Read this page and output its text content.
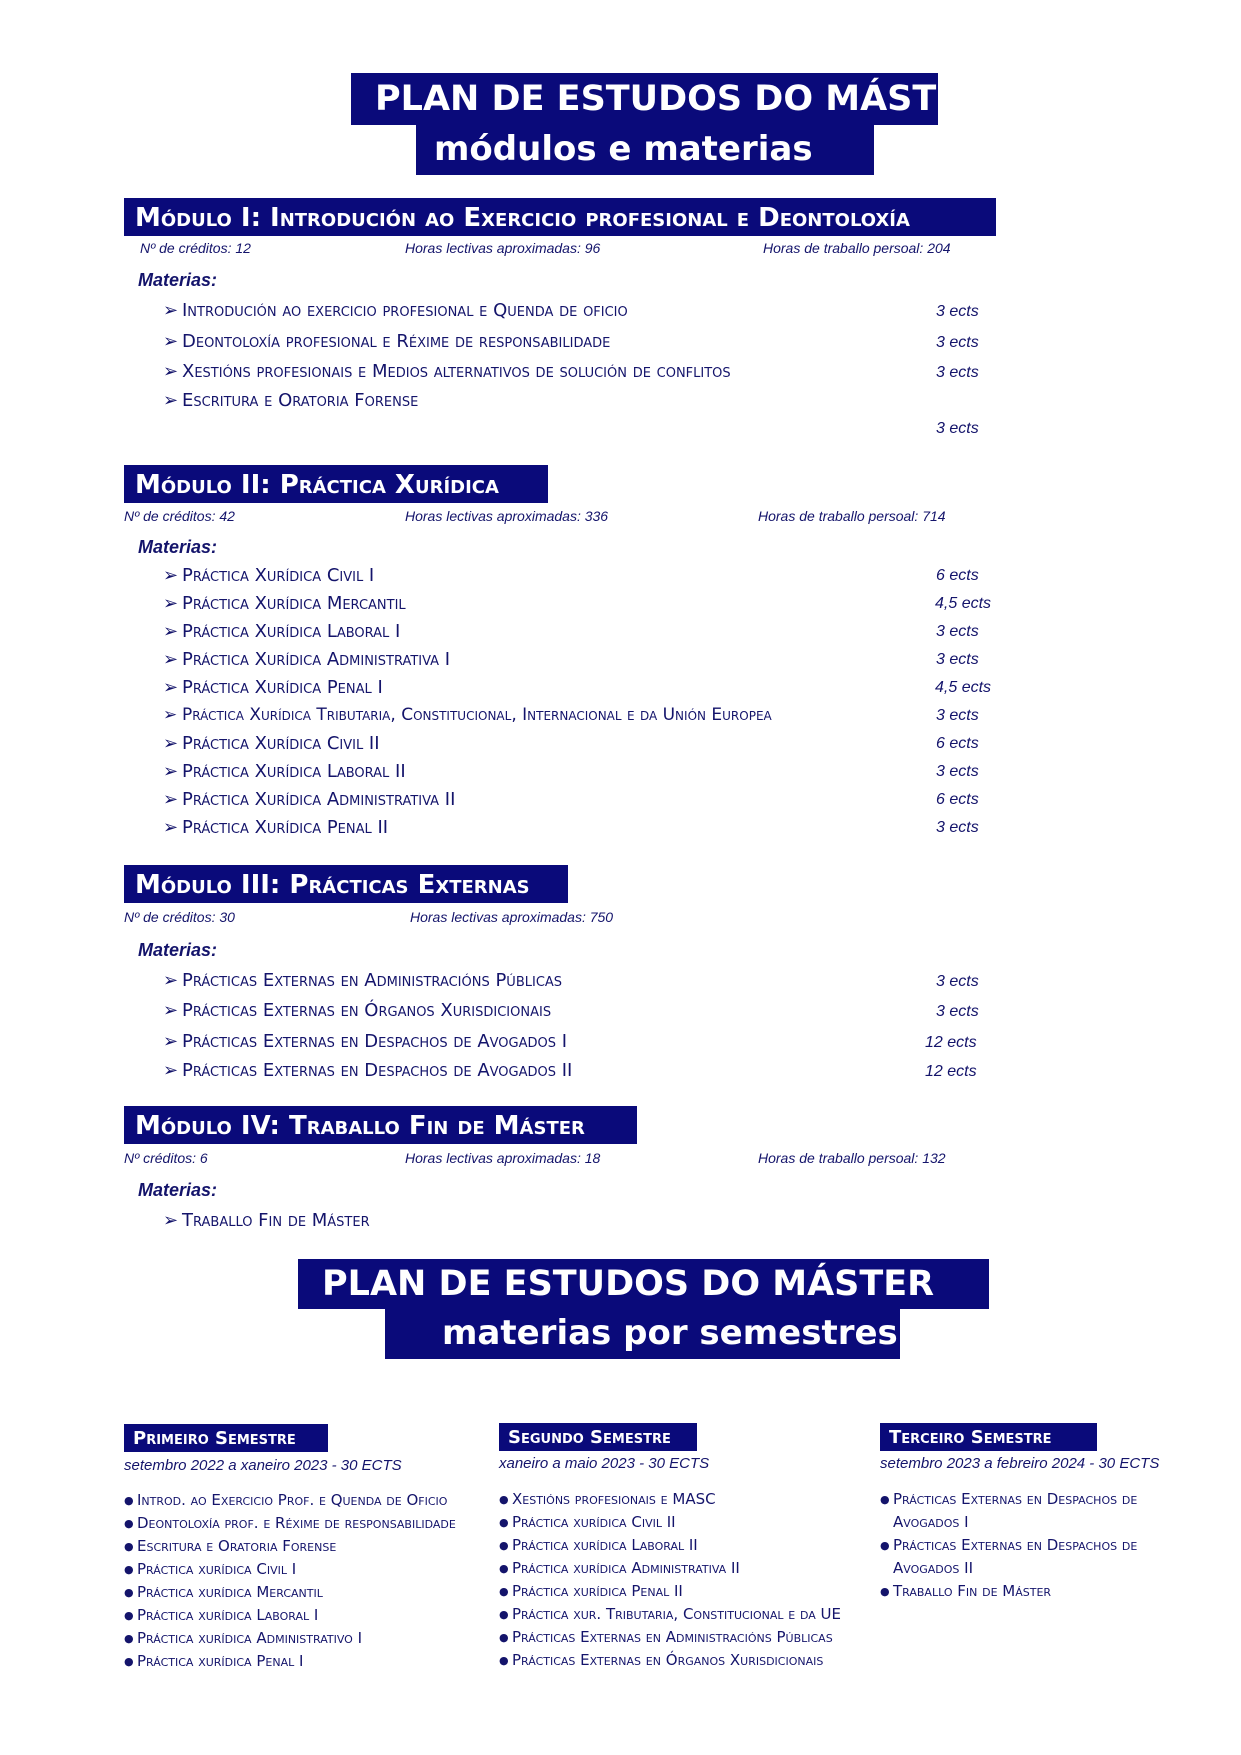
PLAN DE ESTUDOS DO MÁSTER
módulos e materias
Módulo I: Introdución ao Exercicio profesional e Deontoloxía
Nº de créditos: 12	Horas lectivas aproximadas: 96	Horas de traballo persoal: 204
Materias:
➢ Introdución ao exercicio profesional e Quenda de oficio	3 ects
➢ Deontoloxía profesional e Réxime de responsabilidade	3 ects
➢ Xestións profesionais e Medios alternativos de solución de conflitos	3 ects
➢ Escritura e Oratoria Forense
3 ects
Módulo II: Práctica Xurídica
Nº de créditos: 42	Horas lectivas aproximadas: 336	Horas de traballo persoal: 714
Materias:
➢ Práctica Xurídica Civil I	6 ects
➢ Práctica Xurídica Mercantil	4,5 ects
➢ Práctica Xurídica Laboral I	3 ects
➢ Práctica Xurídica Administrativa I	3 ects
➢ Práctica Xurídica Penal I	4,5 ects
➢ Práctica Xurídica Tributaria, Constitucional, Internacional e da Unión Europea	3 ects
➢ Práctica Xurídica Civil II	6 ects
➢ Práctica Xurídica Laboral II	3 ects
➢ Práctica Xurídica Administrativa II	6 ects
➢ Práctica Xurídica Penal II	3 ects
Módulo III: Prácticas Externas
Nº de créditos: 30	Horas lectivas aproximadas: 750
Materias:
➢ Prácticas Externas en Administracións Públicas	3 ects
➢ Prácticas Externas en Órganos Xurisdicionais	3 ects
➢ Prácticas Externas en Despachos de Avogados I	12 ects
➢ Prácticas Externas en Despachos de Avogados II	12 ects
Módulo IV: Traballo Fin de Máster
Nº créditos: 6	Horas lectivas aproximadas: 18	Horas de traballo persoal: 132
Materias:
➢ Traballo Fin de Máster
PLAN DE ESTUDOS DO MÁSTER
materias por semestres
Primeiro Semestre
setembro 2022 a xaneiro 2023 - 30 ECTS
● Introd. ao Exercicio Prof. e Quenda de Oficio
● Deontoloxía prof. e Réxime de responsabilidade
● Escritura e Oratoria Forense
● Práctica xurídica Civil I
● Práctica xurídica Mercantil
● Práctica xurídica Laboral I
● Práctica xurídica Administrativo I
● Práctica xurídica Penal I
Segundo Semestre
xaneiro a maio 2023 - 30 ECTS
● Xestións profesionais e MASC
● Práctica xurídica Civil II
● Práctica xurídica Laboral II
● Práctica xurídica Administrativa II
● Práctica xurídica Penal II
● Práctica xur. Tributaria, Constitucional e da UE
● Prácticas Externas en Administracións Públicas
● Prácticas Externas en Órganos Xurisdicionais
Terceiro Semestre
setembro 2023 a febreiro 2024 - 30 ECTS
● Prácticas Externas en Despachos de
Avogados I
● Prácticas Externas en Despachos de
Avogados II
● Traballo Fin de Máster
